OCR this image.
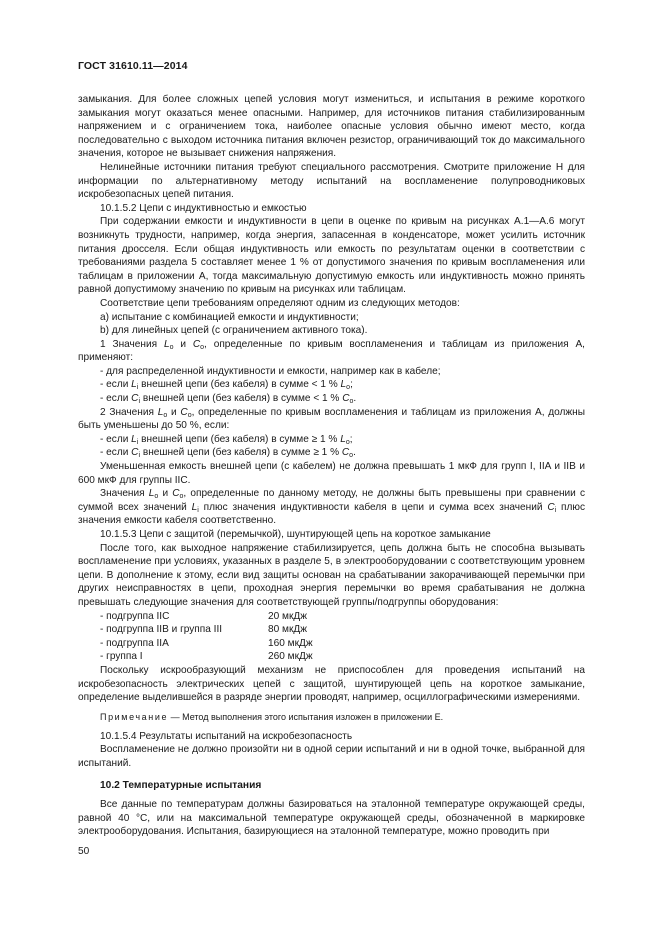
ГОСТ 31610.11—2014

замыкания. Для более сложных цепей условия могут измениться, и испытания в режиме короткого замыкания могут оказаться менее опасными. Например, для источников питания стабилизированным напряжением и с ограничением тока, наиболее опасные условия обычно имеют место, когда последовательно с выходом источника питания включен резистор, ограничивающий ток до максимального значения, которое не вызывает снижения напряжения.

Нелинейные источники питания требуют специального рассмотрения. Смотрите приложение H для информации по альтернативному методу испытаний на воспламенение полупроводниковых искробезопасных цепей питания.

10.1.5.2 Цепи с индуктивностью и емкостью

При содержании емкости и индуктивности в цепи в оценке по кривым на рисунках А.1—А.6 могут возникнуть трудности, например, когда энергия, запасенная в конденсаторе, может усилить источник питания дросселя. Если общая индуктивность или емкость по результатам оценки в соответствии с требованиями раздела 5 составляет менее 1 % от допустимого значения по кривым воспламенения или таблицам в приложении А, тогда максимальную допустимую емкость или индуктивность можно принять равной допустимому значению по кривым на рисунках или таблицам.

Соответствие цепи требованиям определяют одним из следующих методов:

a) испытание с комбинацией емкости и индуктивности;

b) для линейных цепей (с ограничением активного тока).

1 Значения $L_o$ и $C_o$, определенные по кривым воспламенения и таблицам из приложения А, применяют:

- для распределенной индуктивности и емкости, например как в кабеле;

- если $L_i$ внешней цепи (без кабеля) в сумме < 1 % $L_o$;

- если $C_i$ внешней цепи (без кабеля) в сумме < 1 % $C_o$.

2 Значения $L_o$ и $C_o$, определенные по кривым воспламенения и таблицам из приложения А, должны быть уменьшены до 50 %, если:

- если $L_i$ внешней цепи (без кабеля) в сумме ≥ 1 % $L_o$;

- если $C_i$ внешней цепи (без кабеля) в сумме ≥ 1 % $C_o$.

Уменьшенная емкость внешней цепи (с кабелем) не должна превышать 1 мкФ для групп I, IIA и IIB и 600 мкФ для группы IIC.

Значения $L_o$ и $C_o$, определенные по данному методу, не должны быть превышены при сравнении с суммой всех значений $L_i$ плюс значения индуктивности кабеля в цепи и сумма всех значений $C_i$ плюс значения емкости кабеля соответственно.

10.1.5.3 Цепи с защитой (перемычкой), шунтирующей цепь на короткое замыкание

После того, как выходное напряжение стабилизируется, цепь должна быть не способна вызывать воспламенение при условиях, указанных в разделе 5, в электрооборудовании с соответствующим уровнем цепи. В дополнение к этому, если вид защиты основан на срабатывании закорачивающей перемычки при других неисправностях в цепи, проходная энергия перемычки во время срабатывания не должна превышать следующие значения для соответствующей группы/подгруппы оборудования:

- подгруппа IIC	20 мкДж
- подгруппа IIB и группа III	80 мкДж
- подгруппа IIA	160 мкДж
- группа I	260 мкДж

Поскольку искрообразующий механизм не приспособлен для проведения испытаний на искробезопасность электрических цепей с защитой, шунтирующей цепь на короткое замыкание, определение выделившейся в разряде энергии проводят, например, осциллографическими измерениями.

Примечание — Метод выполнения этого испытания изложен в приложении Е.

10.1.5.4 Результаты испытаний на искробезопасность

Воспламенение не должно произойти ни в одной серии испытаний и ни в одной точке, выбранной для испытаний.

10.2 Температурные испытания

Все данные по температурам должны базироваться на эталонной температуре окружающей среды, равной 40 °С, или на максимальной температуре окружающей среды, обозначенной в маркировке электрооборудования. Испытания, базирующиеся на эталонной температуре, можно проводить при

50
